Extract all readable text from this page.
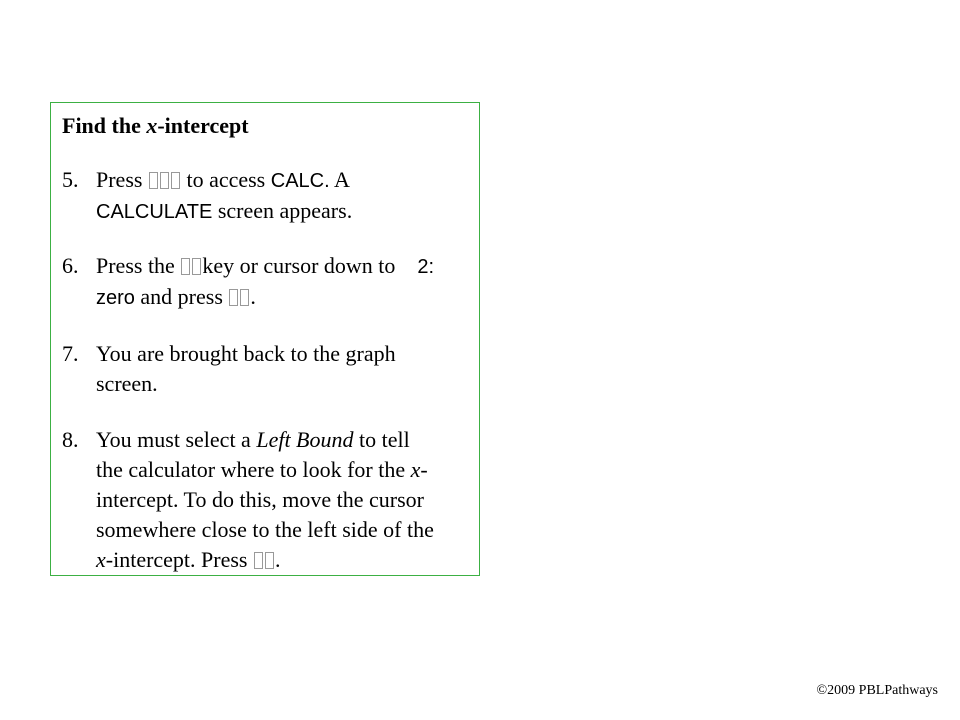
Find the x-intercept
5. Press to access CALC. A
CALCULATE screen appears.
6. Press the key or cursor down to 2:
zero and press .
7. You are brought back to the graph
screen.
8. You must select a Left Bound to tell
the calculator where to look for the x-
intercept. To do this, move the cursor
somewhere close to the left side of the
x-intercept. Press .
©2009 PBLPathways
